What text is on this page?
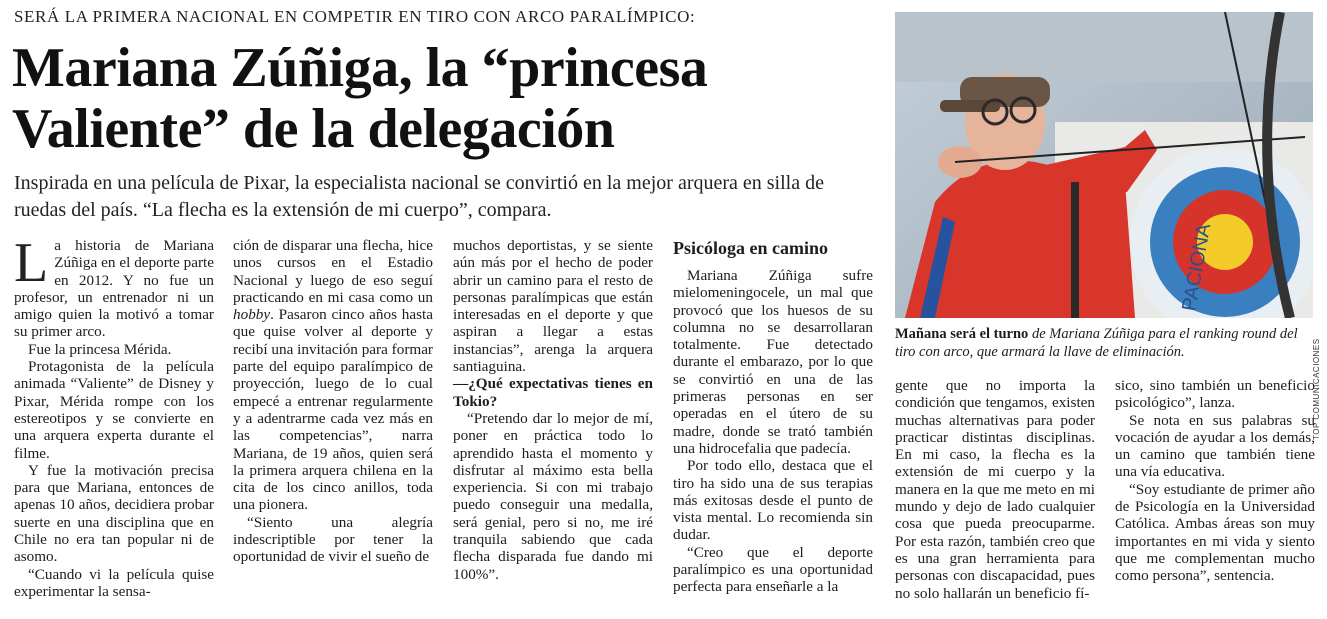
SERÁ LA PRIMERA NACIONAL EN COMPETIR EN TIRO CON ARCO PARALÍMPICO:
Mariana Zúñiga, la “princesa
Valiente” de la delegación

Inspirada en una película de Pixar, la especialista nacional se convirtió en la mejor arquera en silla de ruedas del país. “La flecha es la extensión de mi cuerpo”, compara.

La historia de Mariana Zúñiga en el deporte parte en 2012. Y no fue un profesor, un entrenador ni un amigo quien la motivó a tomar su primer arco.

Fue la princesa Mérida.

Protagonista de la película animada “Valiente” de Disney y Pixar, Mérida rompe con los estereotipos y se convierte en una arquera experta durante el filme.

Y fue la motivación precisa para que Mariana, entonces de apenas 10 años, decidiera probar suerte en una disciplina que en Chile no era tan popular ni de asomo.

“Cuando vi la película quise experimentar la sensa-

ción de disparar una flecha, hice unos cursos en el Estadio Nacional y luego de eso seguí practicando en mi casa como un hobby. Pasaron cinco años hasta que quise volver al deporte y recibí una invitación para formar parte del equipo paralímpico de proyección, luego de lo cual empecé a entrenar regularmente y a adentrarme cada vez más en las competencias”, narra Mariana, de 19 años, quien será la primera arquera chilena en la cita de los cinco anillos, toda una pionera.

“Siento una alegría indescriptible por tener la oportunidad de vivir el sueño de

muchos deportistas, y se siente aún más por el hecho de poder abrir un camino para el resto de personas paralímpicas que están interesadas en el deporte y que aspiran a llegar a estas instancias”, arenga la arquera santiaguina.

—¿Qué expectativas tienes en Tokio?

“Pretendo dar lo mejor de mí, poner en práctica todo lo aprendido hasta el momento y disfrutar al máximo esta bella experiencia. Si con mi trabajo puedo conseguir una medalla, será genial, pero si no, me iré tranquila sabiendo que cada flecha disparada fue dando mi 100%”.

Psicóloga en camino

Mariana Zúñiga sufre mielomeningocele, un mal que provocó que los huesos de su columna no se desarrollaran totalmente. Fue detectado durante el embarazo, por lo que se convirtió en una de las primeras personas en ser operadas en el útero de su madre, donde se trató también una hidrocefalia que padecía.

Por todo ello, destaca que el tiro ha sido una de sus terapias más exitosas desde el punto de vista mental. Lo recomienda sin dudar.

“Creo que el deporte paralímpico es una oportunidad perfecta para enseñarle a la

PACIONA
TOP COMUNICACIONES
Mañana será el turno de Mariana Zúñiga para el ranking round del tiro con arco, que armará la llave de eliminación.

gente que no importa la condición que tengamos, existen muchas alternativas para poder practicar distintas disciplinas. En mi caso, la flecha es la extensión de mi cuerpo y la manera en la que me meto en mi mundo y dejo de lado cualquier cosa que pueda preocuparme. Por esta razón, también creo que es una gran herramienta para personas con discapacidad, pues no solo hallarán un beneficio fí-

sico, sino también un beneficio psicológico”, lanza.

Se nota en sus palabras su vocación de ayudar a los demás, un camino que también tiene una vía educativa.

“Soy estudiante de primer año de Psicología en la Universidad Católica. Ambas áreas son muy importantes en mi vida y siento que me complementan mucho como persona”, sentencia.
